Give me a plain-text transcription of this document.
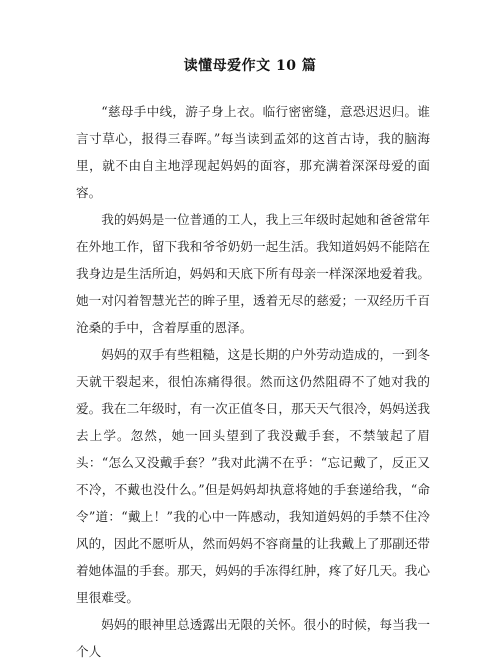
读懂母爱作文 10 篇

“慈母手中线，游子身上衣。临行密密缝，意恐迟迟归。谁言寸草心，报得三春晖。”每当读到孟郊的这首古诗，我的脑海里，就不由自主地浮现起妈妈的面容，那充满着深深母爱的面容。

我的妈妈是一位普通的工人，我上三年级时起她和爸爸常年在外地工作，留下我和爷爷奶奶一起生活。我知道妈妈不能陪在我身边是生活所迫，妈妈和天底下所有母亲一样深深地爱着我。她一对闪着智慧光芒的眸子里，透着无尽的慈爱；一双经历千百沧桑的手中，含着厚重的恩泽。

妈妈的双手有些粗糙，这是长期的户外劳动造成的，一到冬天就干裂起来，很怕冻痛得很。然而这仍然阻碍不了她对我的爱。我在二年级时，有一次正值冬日，那天天气很冷，妈妈送我去上学。忽然，她一回头望到了我没戴手套，不禁皱起了眉头：“怎么又没戴手套？”我对此满不在乎：“忘记戴了，反正又不冷，不戴也没什么。”但是妈妈却执意将她的手套递给我，“命令”道：“戴上！”我的心中一阵感动，我知道妈妈的手禁不住冷风的，因此不愿听从，然而妈妈不容商量的让我戴上了那副还带着她体温的手套。那天，妈妈的手冻得红肿，疼了好几天。我心里很难受。

妈妈的眼神里总透露出无限的关怀。很小的时候，每当我一个人
